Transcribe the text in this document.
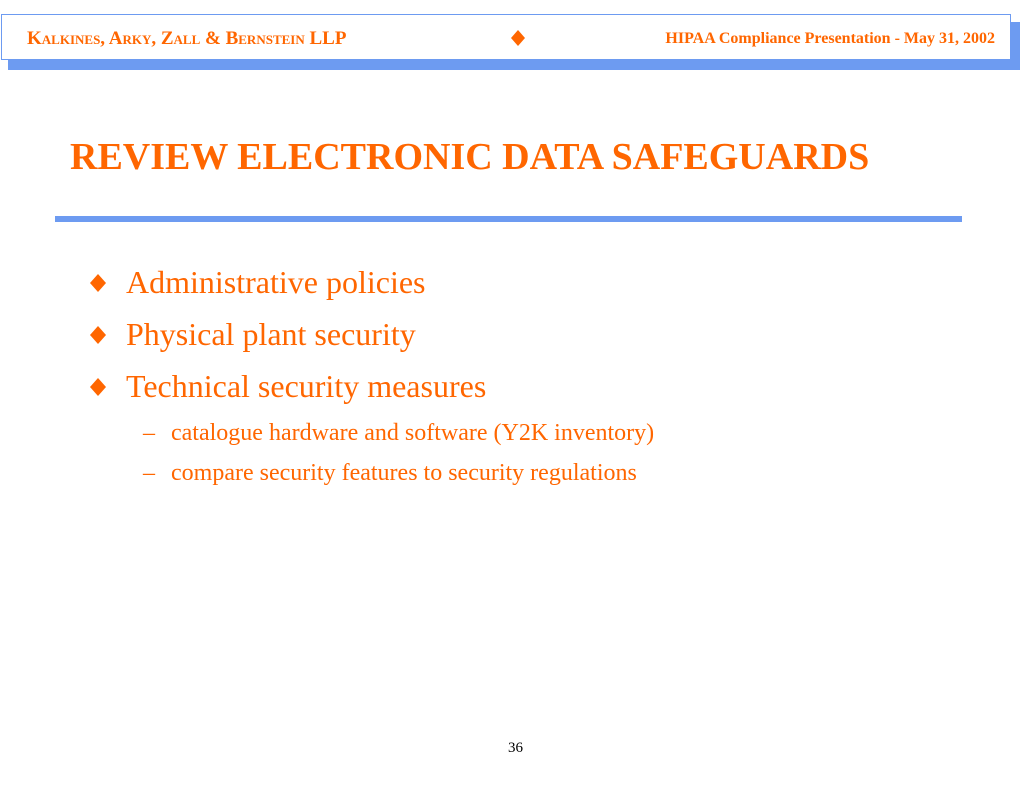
Kalkines, Arky, Zall & Bernstein LLP	HIPAA Compliance Presentation - May 31, 2002
REVIEW ELECTRONIC DATA SAFEGUARDS
Administrative policies
Physical plant security
Technical security measures
– catalogue hardware and software (Y2K inventory)
– compare security features to security regulations
36
